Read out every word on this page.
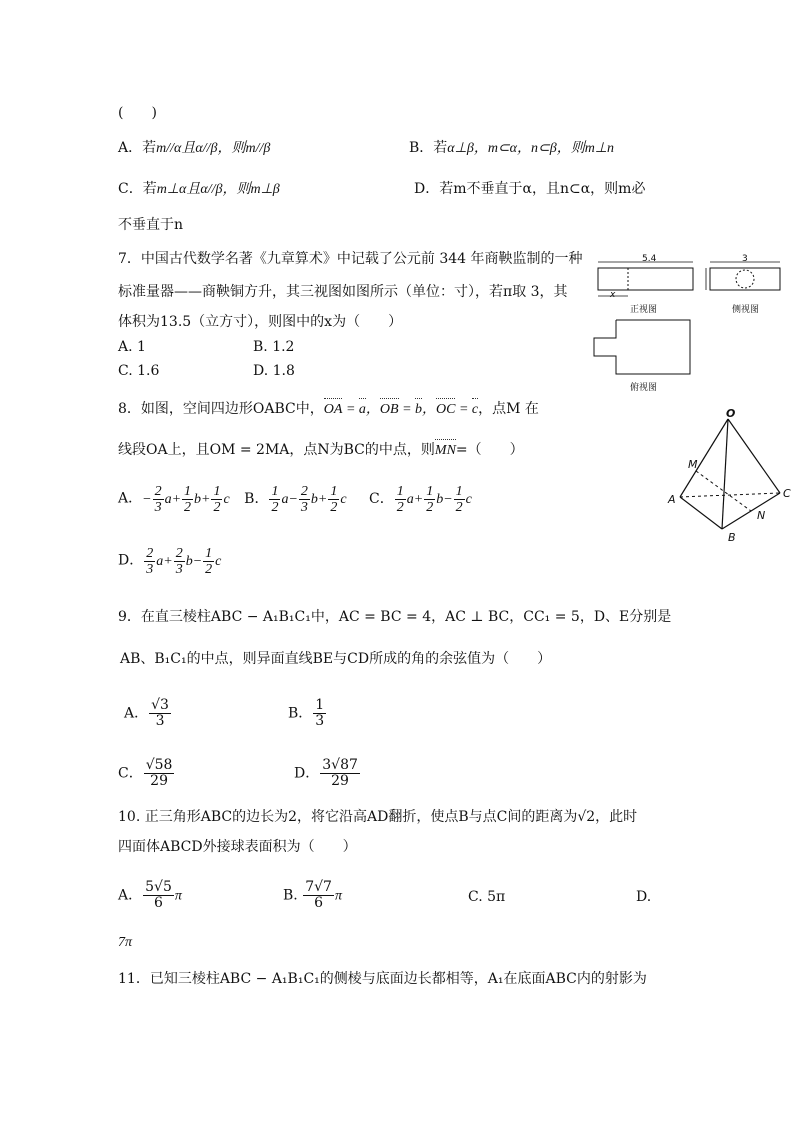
(　　)
A．若m//α且α//β，则m//β	B．若α⊥β，m⊂α，n⊂β，则m⊥n
C．若m⊥α且α//β，则m⊥β	D．若m不垂直于α，且n⊂α，则m必
不垂直于n
7．中国古代数学名著《九章算术》中记载了公元前 344 年商鞅监制的一种
标准量器——商鞅铜方升，其三视图如图所示（单位：寸），若π取 3，其
体积为13.5（立方寸），则图中的x为（　　）
A. 1	B. 1.2
C. 1.6	D. 1.8
5.4	3
x
正视图	侧视图
俯视图
8．如图，空间四边形OABC中，OA = a，OB = b，OC = c，点M 在
线段OA上，且OM = 2MA，点N为BC的中点，则MN=（　　）
A．− $\frac{2}{3} a+ \frac{1}{2} b+ \frac{1}{2}$ c B． $\frac{1}{2} a- \frac{2}{3} b+ \frac{1}{2}$ c C． $\frac{1}{2} a+ \frac{1}{2} b- \frac{1}{2}$ c
D． $\frac{2}{3} a+ \frac{2}{3} b- \frac{1}{2}$ c
O
M
A
B
C
N
9．在直三棱柱ABC − A₁B₁C₁中，AC = BC = 4，AC ⊥ BC，CC₁ = 5，D、E分别是
AB、B₁C₁的中点，则异面直线BE与CD所成的角的余弦值为（　　）
A． $\frac{√3}{3}$	B． $\frac{1}{3}$
C． $\frac{√58}{29}$	D． $\frac{3√87}{29}$
10. 正三角形ABC的边长为2，将它沿高AD翻折，使点B与点C间的距离为√2，此时
四面体ABCD外接球表面积为（　　）
A． $\frac{5√5}{6}$ π	B. $\frac{7√7}{6}$ π	C. 5π	D.
7π
11．已知三棱柱ABC − A₁B₁C₁的侧棱与底面边长都相等，A₁在底面ABC内的射影为
